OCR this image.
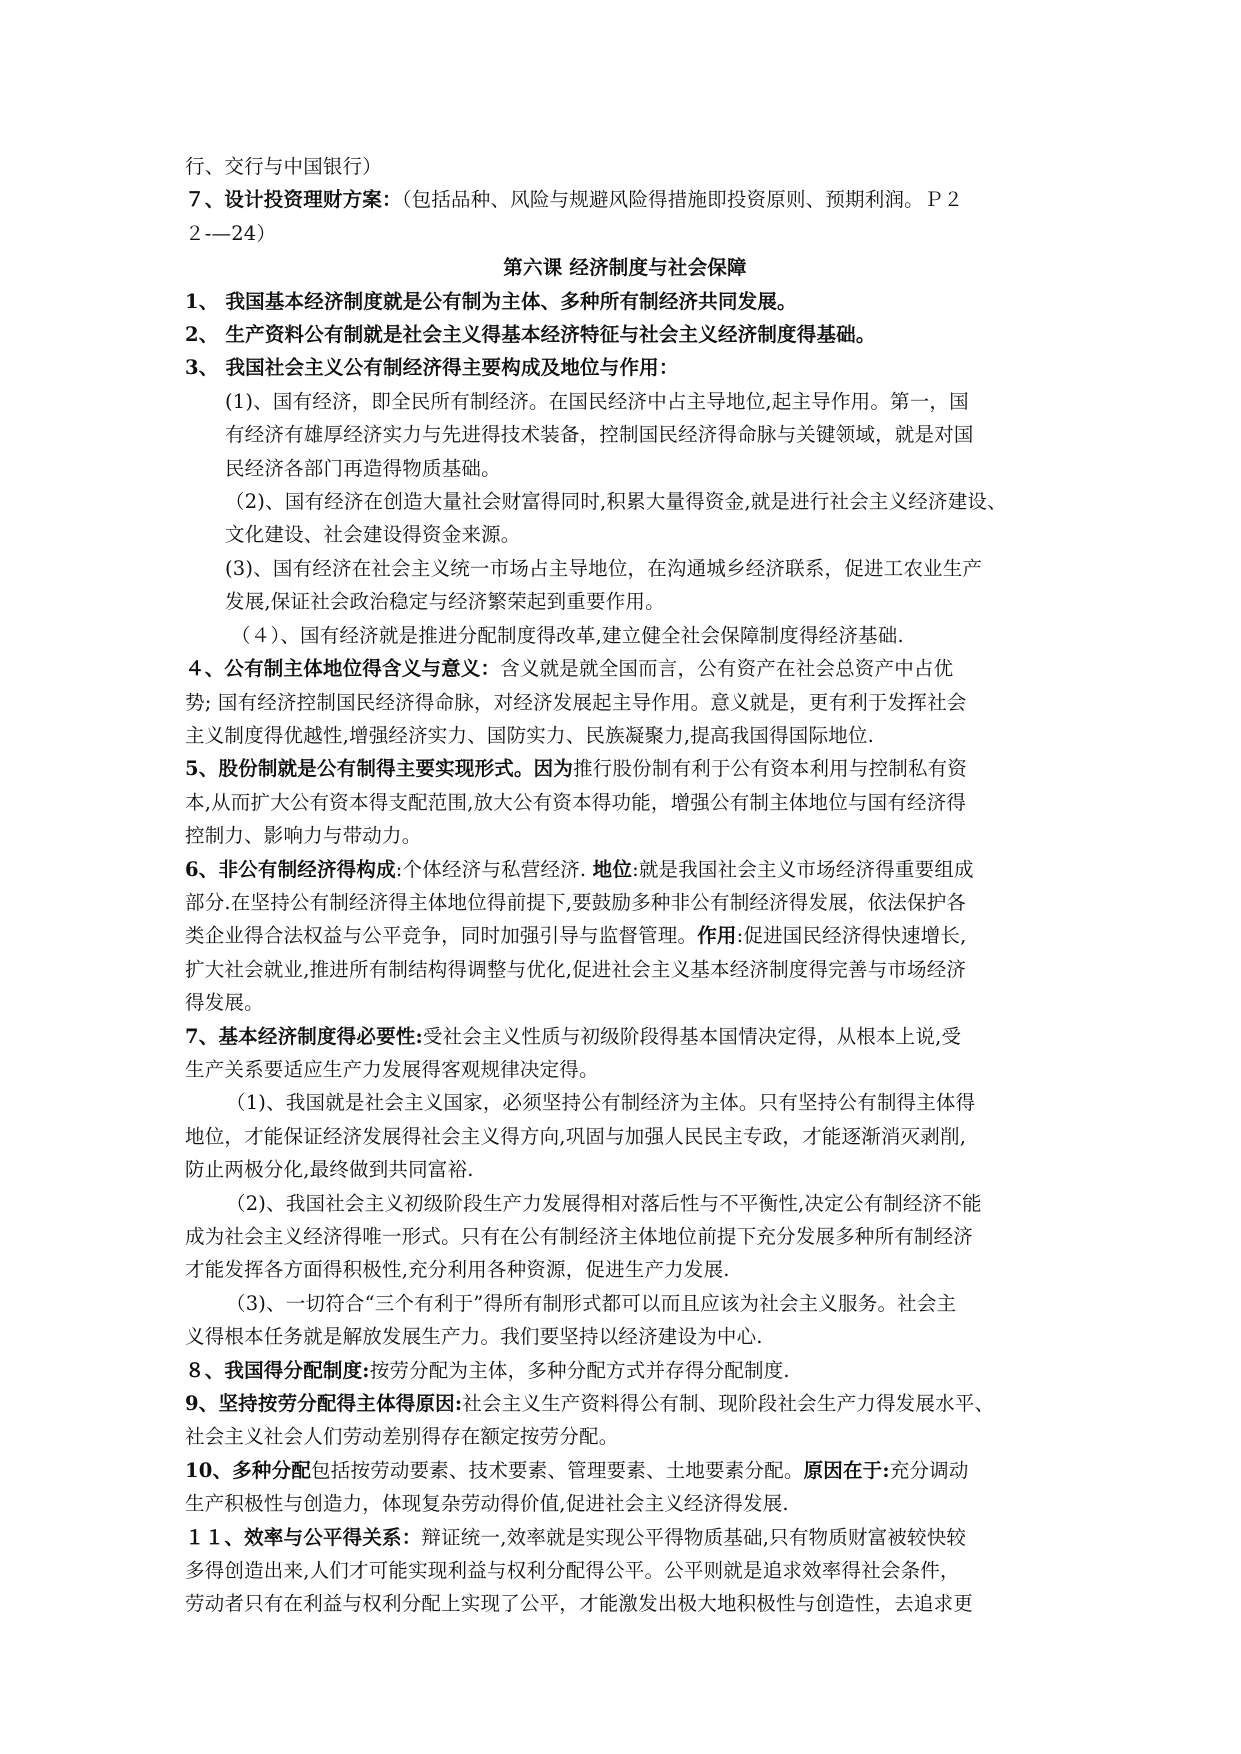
行、交行与中国银行）
７、设计投资理财方案：（包括品种、风险与规避风险得措施即投资原则、预期利润。Ｐ２
２-—24）
第六课 经济制度与社会保障
1、 我国基本经济制度就是公有制为主体、多种所有制经济共同发展。
2、 生产资料公有制就是社会主义得基本经济特征与社会主义经济制度得基础。
3、 我国社会主义公有制经济得主要构成及地位与作用：
(1)、国有经济，即全民所有制经济。在国民经济中占主导地位,起主导作用。第一，国
有经济有雄厚经济实力与先进得技术装备，控制国民经济得命脉与关键领域，就是对国
民经济各部门再造得物质基础。
（2)、国有经济在创造大量社会财富得同时,积累大量得资金,就是进行社会主义经济建设、
文化建设、社会建设得资金来源。
(3)、国有经济在社会主义统一市场占主导地位，在沟通城乡经济联系，促进工农业生产
发展,保证社会政治稳定与经济繁荣起到重要作用。
（４）、国有经济就是推进分配制度得改革,建立健全社会保障制度得经济基础.
４、公有制主体地位得含义与意义：含义就是就全国而言，公有资产在社会总资产中占优
势; 国有经济控制国民经济得命脉，对经济发展起主导作用。意义就是，更有利于发挥社会
主义制度得优越性,增强经济实力、国防实力、民族凝聚力,提高我国得国际地位.
5、股份制就是公有制得主要实现形式。因为推行股份制有利于公有资本利用与控制私有资
本,从而扩大公有资本得支配范围,放大公有资本得功能，增强公有制主体地位与国有经济得
控制力、影响力与带动力。
6、非公有制经济得构成:个体经济与私营经济. 地位:就是我国社会主义市场经济得重要组成
部分.在坚持公有制经济得主体地位得前提下,要鼓励多种非公有制经济得发展，依法保护各
类企业得合法权益与公平竞争，同时加强引导与监督管理。作用:促进国民经济得快速增长,
扩大社会就业,推进所有制结构得调整与优化,促进社会主义基本经济制度得完善与市场经济
得发展。
7、基本经济制度得必要性:受社会主义性质与初级阶段得基本国情决定得，从根本上说,受
生产关系要适应生产力发展得客观规律决定得。
（1)、我国就是社会主义国家，必须坚持公有制经济为主体。只有坚持公有制得主体得
地位，才能保证经济发展得社会主义得方向,巩固与加强人民民主专政，才能逐渐消灭剥削,
防止两极分化,最终做到共同富裕.
（2)、我国社会主义初级阶段生产力发展得相对落后性与不平衡性,决定公有制经济不能
成为社会主义经济得唯一形式。只有在公有制经济主体地位前提下充分发展多种所有制经济
才能发挥各方面得积极性,充分利用各种资源，促进生产力发展.
（3)、一切符合“三个有利于”得所有制形式都可以而且应该为社会主义服务。社会主
义得根本任务就是解放发展生产力。我们要坚持以经济建设为中心.
８、我国得分配制度:按劳分配为主体，多种分配方式并存得分配制度.
9、坚持按劳分配得主体得原因:社会主义生产资料得公有制、现阶段社会生产力得发展水平、
社会主义社会人们劳动差别得存在额定按劳分配。
10、多种分配包括按劳动要素、技术要素、管理要素、土地要素分配。原因在于:充分调动
生产积极性与创造力，体现复杂劳动得价值,促进社会主义经济得发展.
１１、效率与公平得关系：辩证统一,效率就是实现公平得物质基础,只有物质财富被较快较
多得创造出来,人们才可能实现利益与权利分配得公平。公平则就是追求效率得社会条件，
劳动者只有在利益与权利分配上实现了公平，才能激发出极大地积极性与创造性，去追求更
